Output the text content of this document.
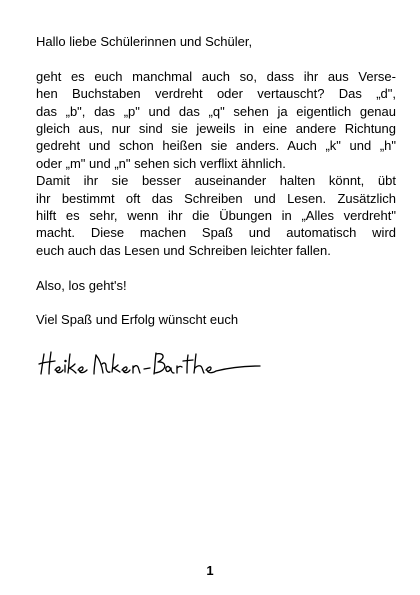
Hallo liebe Schülerinnen und Schüler,
geht es euch manchmal auch so, dass ihr aus Verse-
hen Buchstaben verdreht oder vertauscht? Das „d",
das „b", das „p" und das „q" sehen ja eigentlich genau
gleich aus, nur sind sie jeweils in eine andere Richtung
gedreht und schon heißen sie anders. Auch „k" und „h"
oder „m" und „n" sehen sich verflixt ähnlich.
Damit ihr sie besser auseinander halten könnt, übt
ihr bestimmt oft das Schreiben und Lesen. Zusätzlich
hilft es sehr, wenn ihr die Übungen in „Alles verdreht"
macht. Diese machen Spaß und automatisch wird
euch auch das Lesen und Schreiben leichter fallen.
Also, los geht's!
Viel Spaß und Erfolg wünscht euch
1
